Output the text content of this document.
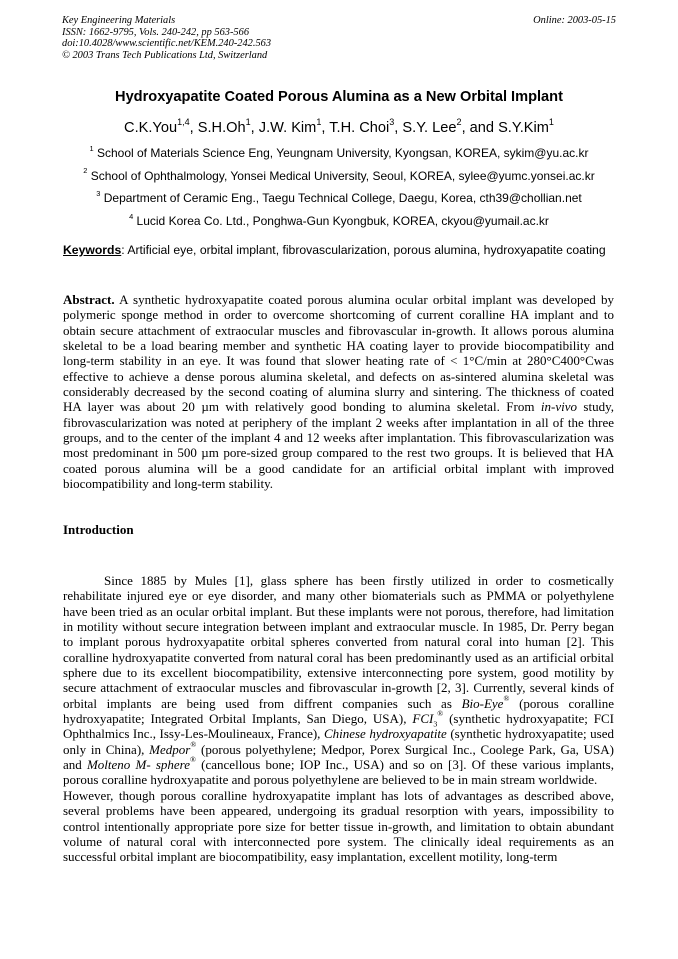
Key Engineering Materials
ISSN: 1662-9795, Vols. 240-242, pp 563-566
doi:10.4028/www.scientific.net/KEM.240-242.563
© 2003 Trans Tech Publications Ltd, Switzerland
Online: 2003-05-15
Hydroxyapatite Coated Porous Alumina as a New Orbital Implant
C.K.You$^{1,4}$, S.H.Oh$^1$, J.W. Kim$^1$, T.H. Choi$^3$, S.Y. Lee$^2$, and S.Y.Kim$^1$
$^1$ School of Materials Science Eng, Yeungnam University, Kyongsan, KOREA, sykim@yu.ac.kr
$^2$ School of Ophthalmology, Yonsei Medical University, Seoul, KOREA, sylee@yumc.yonsei.ac.kr
$^3$ Department of Ceramic Eng., Taegu Technical College, Daegu, Korea, cth39@chollian.net
$^4$ Lucid Korea Co. Ltd., Ponghwa-Gun Kyongbuk, KOREA, ckyou@yumail.ac.kr
Keywords: Artificial eye, orbital implant, fibrovascularization, porous alumina, hydroxyapatite coating
Abstract. A synthetic hydroxyapatite coated porous alumina ocular orbital implant was developed by polymeric sponge method in order to overcome shortcoming of current coralline HA implant and to obtain secure attachment of extraocular muscles and fibrovascular in-growth. It allows porous alumina skeletal to be a load bearing member and synthetic HA coating layer to provide biocompatibility and long-term stability in an eye. It was found that slower heating rate of < 1°C/min at 280°C400°Cwas effective to achieve a dense porous alumina skeletal, and defects on as-sintered alumina skeletal was considerably decreased by the second coating of alumina slurry and sintering. The thickness of coated HA layer was about 20 µm with relatively good bonding to alumina skeletal. From in-vivo study, fibrovascularization was noted at periphery of the implant 2 weeks after implantation in all of the three groups, and to the center of the implant 4 and 12 weeks after implantation. This fibrovascularization was most predominant in 500 µm pore-sized group compared to the rest two groups. It is believed that HA coated porous alumina will be a good candidate for an artificial orbital implant with improved biocompatibility and long-term stability.
Introduction

Since 1885 by Mules [1], glass sphere has been firstly utilized in order to cosmetically rehabilitate injured eye or eye disorder, and many other biomaterials such as PMMA or polyethylene have been tried as an ocular orbital implant. But these implants were not porous, therefore, had limitation in motility without secure integration between implant and extraocular muscle. In 1985, Dr. Perry began to implant porous hydroxyapatite orbital spheres converted from natural coral into human [2]. This coralline hydroxyapatite converted from natural coral has been predominantly used as an artificial orbital sphere due to its excellent biocompatibility, extensive interconnecting pore system, good motility by secure attachment of extraocular muscles and fibrovascular in-growth [2, 3]. Currently, several kinds of orbital implants are being used from diffrent companies such as Bio-Eye® (porous coralline hydroxyapatite; Integrated Orbital Implants, San Diego, USA), $FCI_3®$ (synthetic hydroxyapatite; FCI Ophthalmics Inc., Issy-Les-Moulineaux, France), Chinese hydroxyapatite (synthetic hydroxyapatite; used only in China), Medpor® (porous polyethylene; Medpor, Porex Surgical Inc., Coolege Park, Ga, USA) and Molteno M- sphere® (cancellous bone; IOP Inc., USA) and so on [3]. Of these various implants, porous coralline hydroxyapatite and porous polyethylene are believed to be in main stream worldwide.

However, though porous coralline hydroxyapatite implant has lots of advantages as described above, several problems have been appeared, undergoing its gradual resorption with years, impossibility to control intentionally appropriate pore size for better tissue in-growth, and limitation to obtain abundant volume of natural coral with interconnected pore system. The clinically ideal requirements as an successful orbital implant are biocompatibility, easy implantation, excellent motility, long-term
